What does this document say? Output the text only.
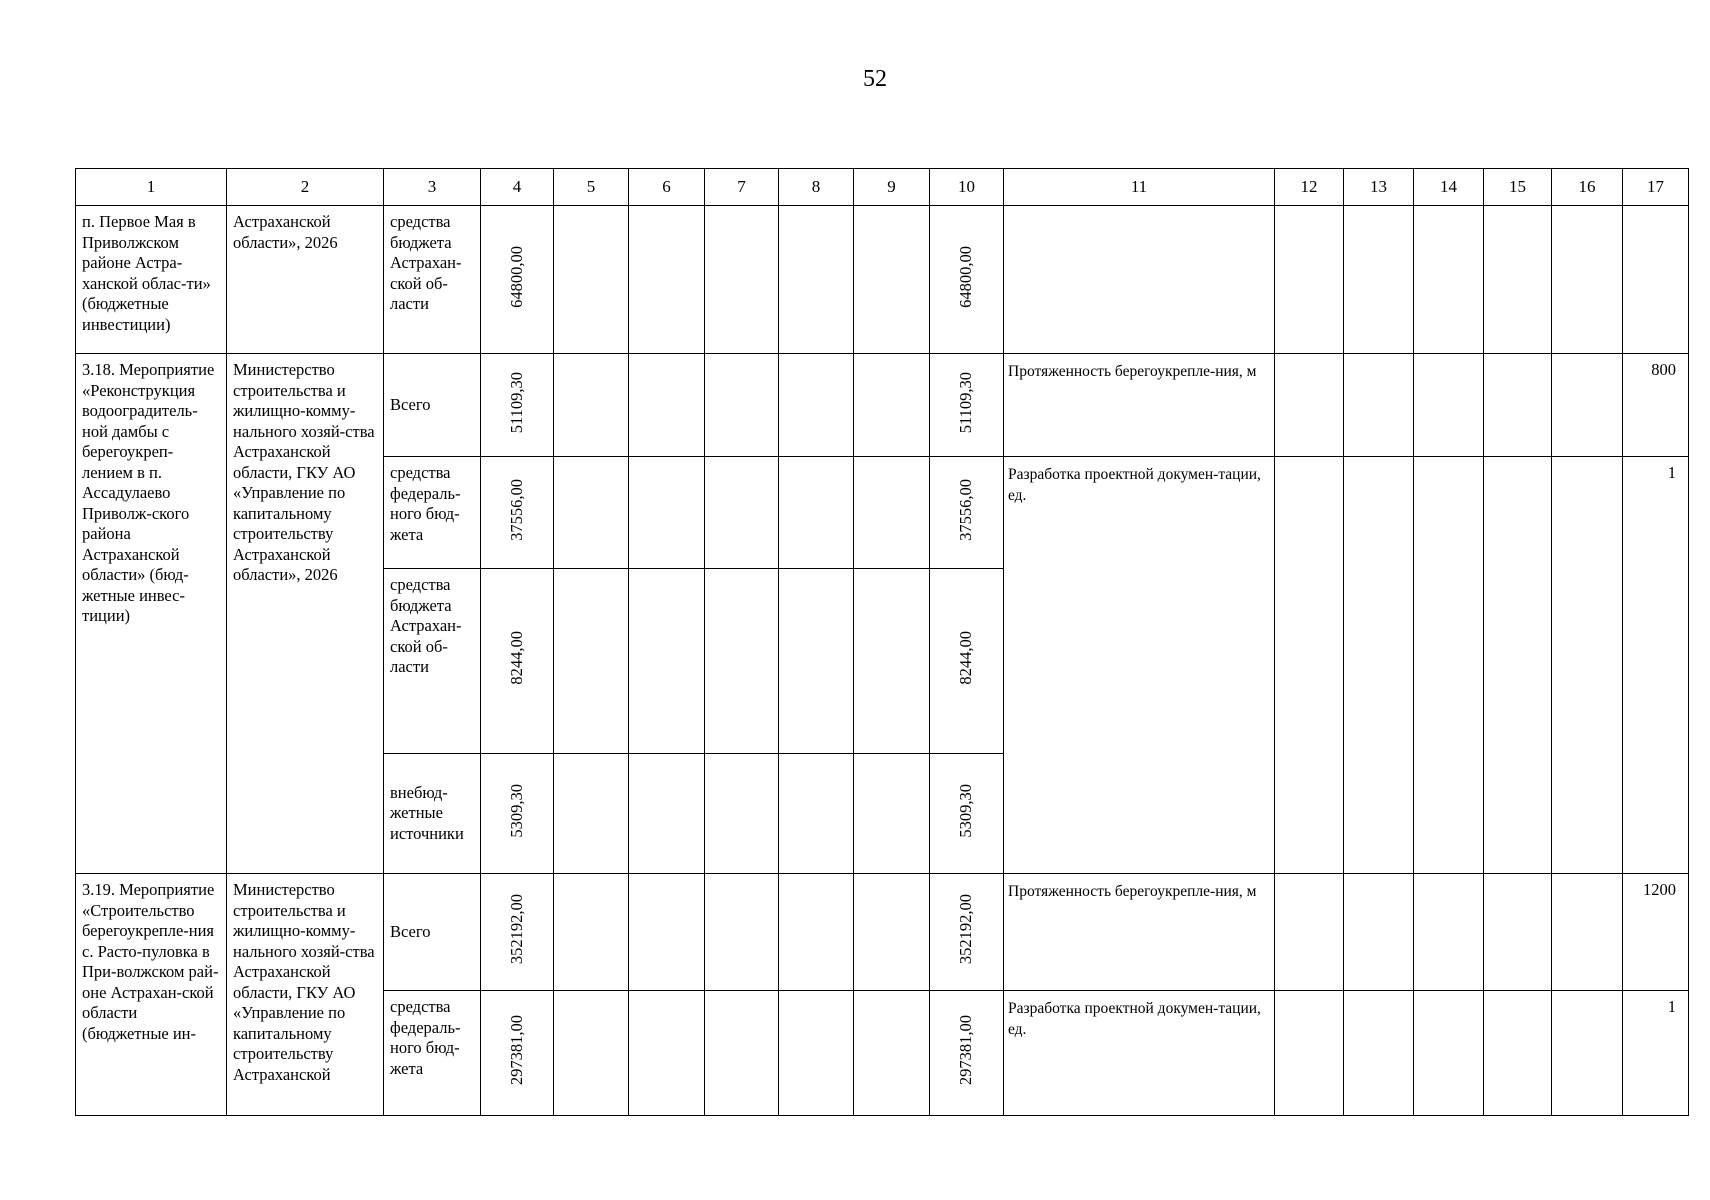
52
1	2	3	4	5	6	7	8	9	10	11	12	13	14	15	16	17
п. Первое Мая в Приволжском районе Астра-ханской облас-ти» (бюджетные инвестиции)	Астраханской области», 2026	средства бюджета Астрахан-ской об-ласти	64800,00						64800,00							
3.18. Мероприятие «Реконструкция водооградитель-ной дамбы с берегоукреп-лением в п. Ассадулаево Приволж-ского района Астраханской области» (бюд-жетные инвес-тиции)	Министерство строительства и жилищно-комму-нального хозяй-ства Астраханской области, ГКУ АО «Управление по капитальному строительству Астраханской области», 2026	Всего	51109,30						51109,30	Протяженность берегоукрепле-ния, м						800
		средства федераль-ного бюд-жета	37556,00						37556,00	Разработка проектной докумен-тации, ед.						1
		средства бюджета Астрахан-ской об-ласти	8244,00						8244,00							
		внебюд-жетные источники	5309,30						5309,30							
3.19. Мероприятие «Строительство берегоукрепле-ния с. Расто-пуловка в При-волжском рай-оне Астрахан-ской области (бюджетные ин-	Министерство строительства и жилищно-комму-нального хозяй-ства Астраханской области, ГКУ АО «Управление по капитальному строительству Астраханской	Всего	352192,00						352192,00	Протяженность берегоукрепле-ния, м						1200
		средства федераль-ного бюд-жета	297381,00						297381,00	Разработка проектной докумен-тации, ед.						1
